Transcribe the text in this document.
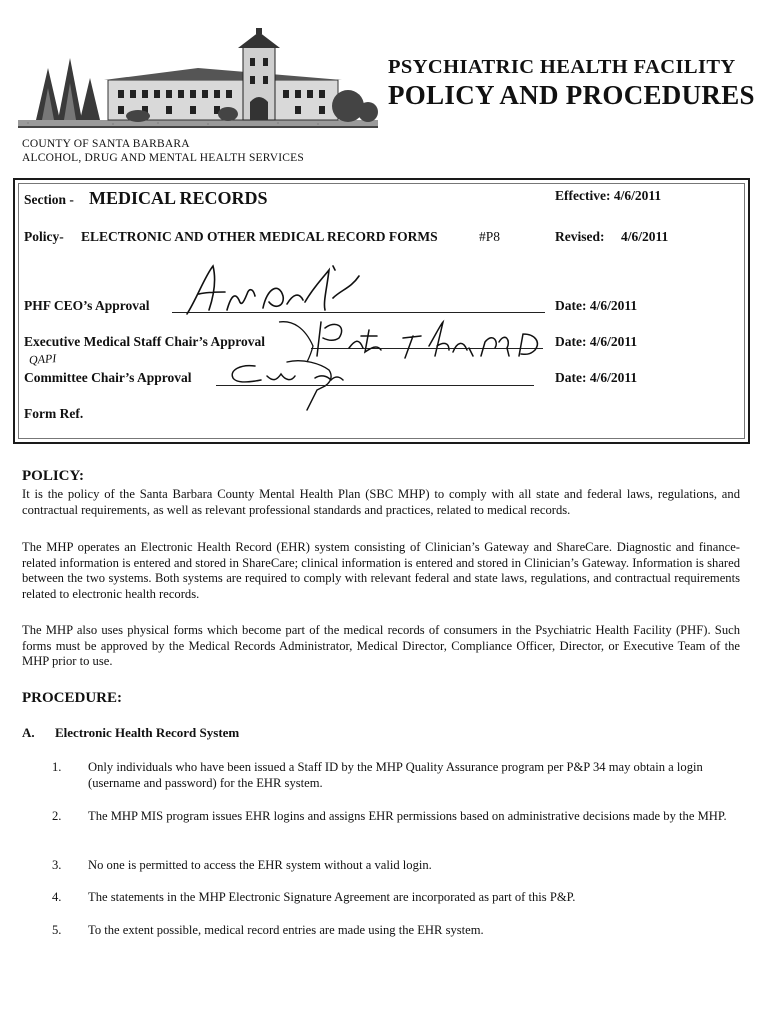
PSYCHIATRIC HEALTH FACILITY
POLICY AND PROCEDURES
COUNTY OF SANTA BARBARA
ALCOHOL, DRUG AND MENTAL HEALTH SERVICES
Section - MEDICAL RECORDS	Effective: 4/6/2011
Policy- ELECTRONIC AND OTHER MEDICAL RECORD FORMS	#P8	Revised: 4/6/2011
PHF CEO’s Approval	Date: 4/6/2011
Executive Medical Staff Chair’s Approval	Date: 4/6/2011
QAPI
Committee Chair’s Approval	Date: 4/6/2011
Form Ref.
POLICY:
It is the policy of the Santa Barbara County Mental Health Plan (SBC MHP) to comply with all state and federal laws, regulations, and contractual requirements, as well as relevant professional standards and practices, related to medical records.
The MHP operates an Electronic Health Record (EHR) system consisting of Clinician’s Gateway and ShareCare. Diagnostic and finance-related information is entered and stored in ShareCare; clinical information is entered and stored in Clinician’s Gateway. Information is shared between the two systems. Both systems are required to comply with relevant federal and state laws, regulations, and contractual requirements related to electronic health records.
The MHP also uses physical forms which become part of the medical records of consumers in the Psychiatric Health Facility (PHF). Such forms must be approved by the Medical Records Administrator, Medical Director, Compliance Officer, Director, or Executive Team of the MHP prior to use.
PROCEDURE:
A. Electronic Health Record System
1. Only individuals who have been issued a Staff ID by the MHP Quality Assurance program per P&P 34 may obtain a login (username and password) for the EHR system.
2. The MHP MIS program issues EHR logins and assigns EHR permissions based on administrative decisions made by the MHP.
3. No one is permitted to access the EHR system without a valid login.
4. The statements in the MHP Electronic Signature Agreement are incorporated as part of this P&P.
5. To the extent possible, medical record entries are made using the EHR system.
